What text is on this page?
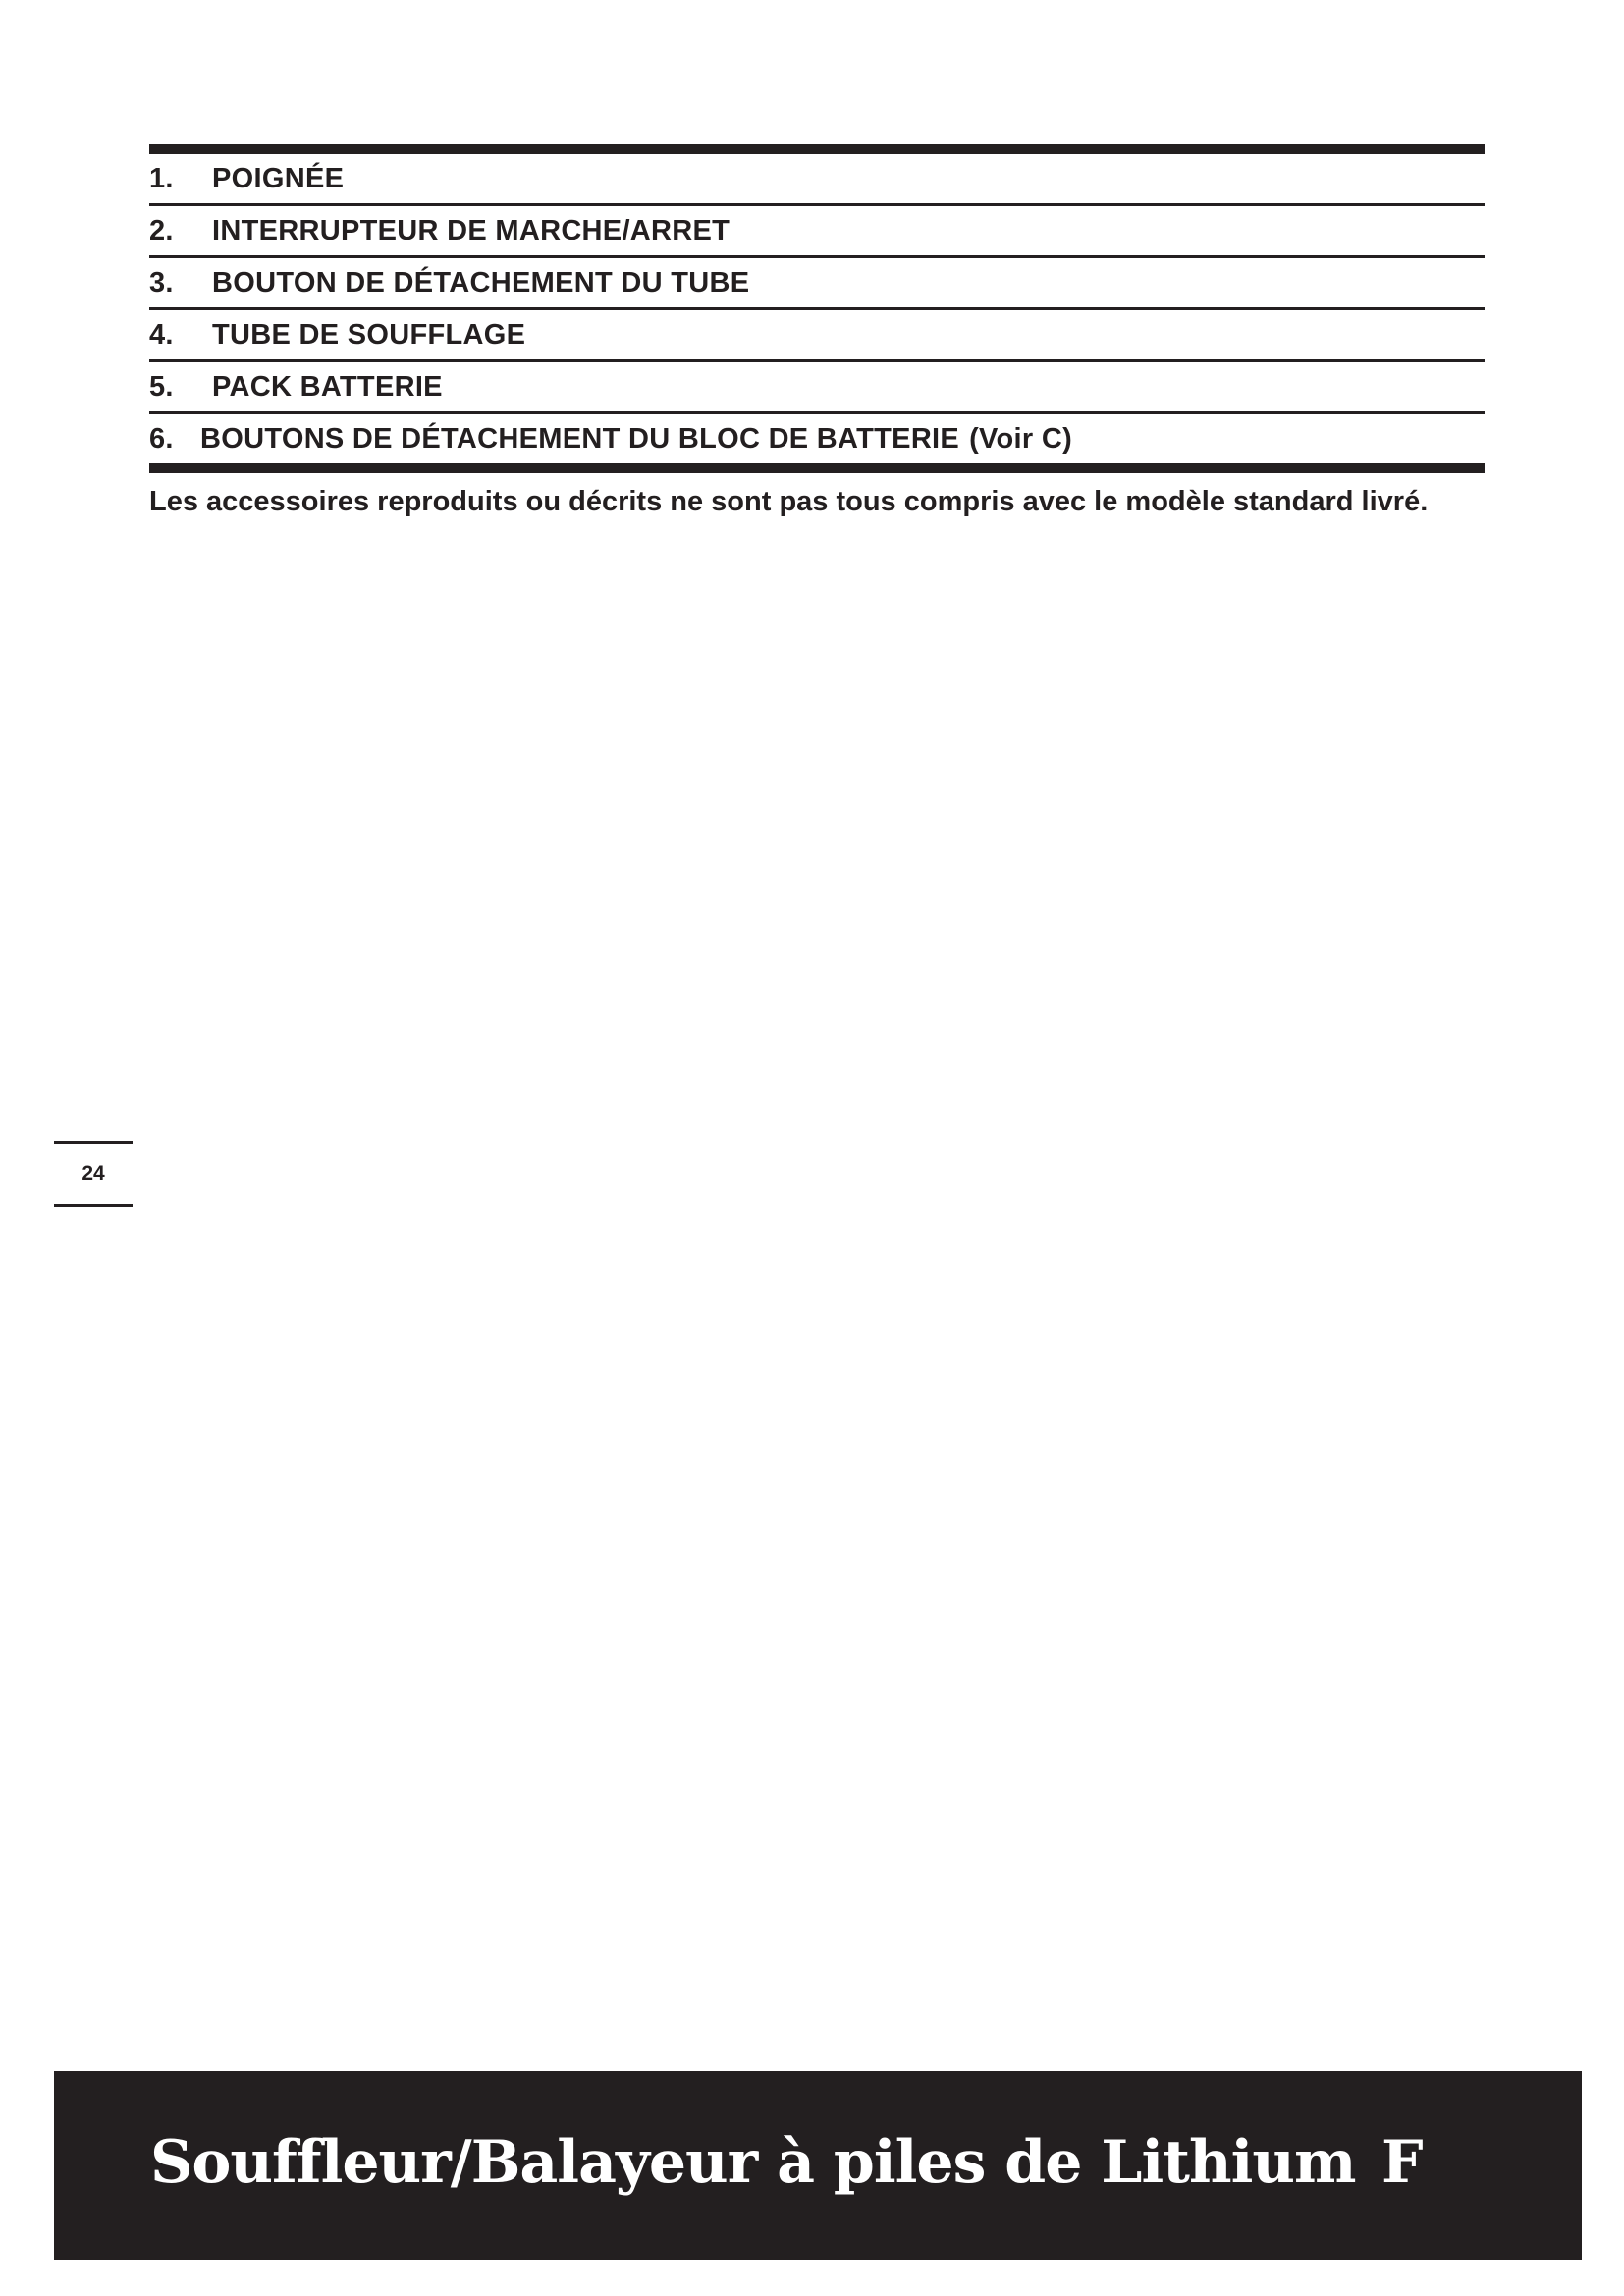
1.	POIGNÉE
2.	INTERRUPTEUR DE MARCHE/ARRET
3.	BOUTON DE DÉTACHEMENT DU TUBE
4.	TUBE DE SOUFFLAGE
5.	PACK BATTERIE
6. BOUTONS DE DÉTACHEMENT DU BLOC DE BATTERIE (Voir C)
Les accessoires reproduits ou décrits ne sont pas tous compris avec le modèle standard livré.
24
Souffleur/Balayeur à piles de Lithium F
